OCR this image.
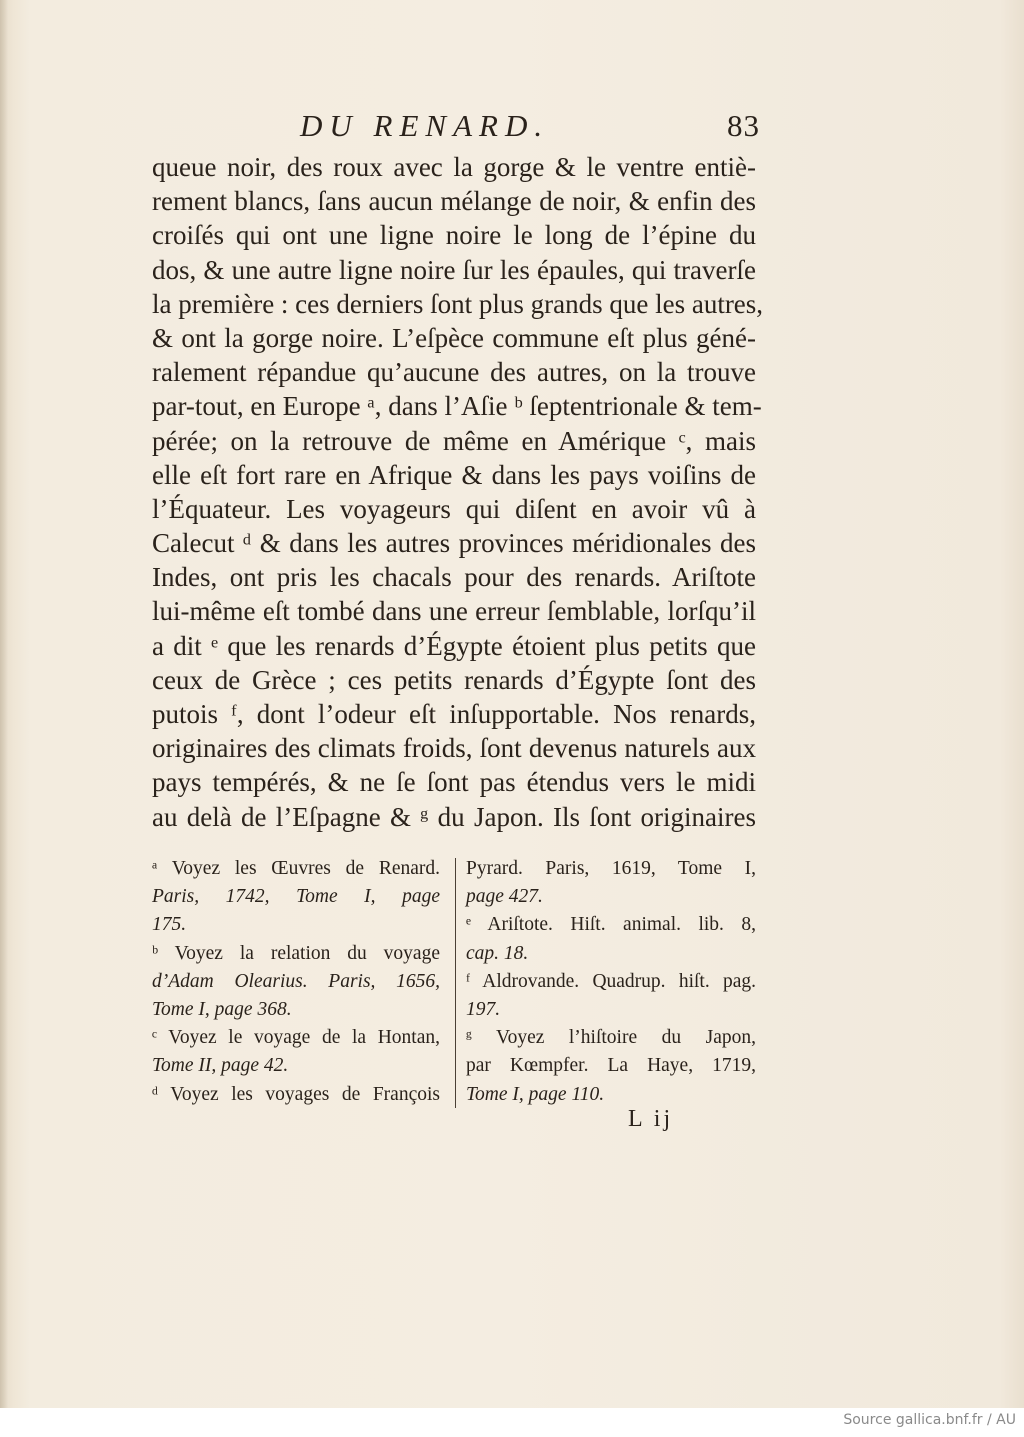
DU RENARD.	83
queue noir, des roux avec la gorge & le ventre entiè-
rement blancs, ſans aucun mélange de noir, & enfin des
croiſés qui ont une ligne noire le long de l’épine du
dos, & une autre ligne noire ſur les épaules, qui traverſe
la première : ces derniers ſont plus grands que les autres,
& ont la gorge noire. L’eſpèce commune eſt plus géné-
ralement répandue qu’aucune des autres, on la trouve
par-tout, en Europe ᵃ, dans l’Aſie ᵇ ſeptentrionale & tem-
pérée; on la retrouve de même en Amérique ᶜ, mais
elle eſt fort rare en Afrique & dans les pays voiſins de
l’Équateur. Les voyageurs qui diſent en avoir vû à
Calecut ᵈ & dans les autres provinces méridionales des
Indes, ont pris les chacals pour des renards. Ariſtote
lui-même eſt tombé dans une erreur ſemblable, lorſqu’il
a dit ᵉ que les renards d’Égypte étoient plus petits que
ceux de Grèce ; ces petits renards d’Égypte ſont des
putois ᶠ, dont l’odeur eſt inſupportable. Nos renards,
originaires des climats froids, ſont devenus naturels aux
pays tempérés, & ne ſe ſont pas étendus vers le midi
au delà de l’Eſpagne & ᵍ du Japon. Ils ſont originaires
ᵃ Voyez les Œuvres de Renard.
Paris, 1742, Tome I, page
175.
ᵇ Voyez la relation du voyage
d’Adam Olearius. Paris, 1656,
Tome I, page 368.
ᶜ Voyez le voyage de la Hontan,
Tome II, page 42.
ᵈ Voyez les voyages de François
Pyrard. Paris, 1619, Tome I,
page 427.
ᵉ Ariſtote. Hiſt. animal. lib. 8,
cap. 18.
ᶠ Aldrovande. Quadrup. hiſt. pag.
197.
ᵍ Voyez l’hiſtoire du Japon,
par Kœmpfer. La Haye, 1719,
Tome I, page 110.
L ij
Source gallica.bnf.fr / AU
